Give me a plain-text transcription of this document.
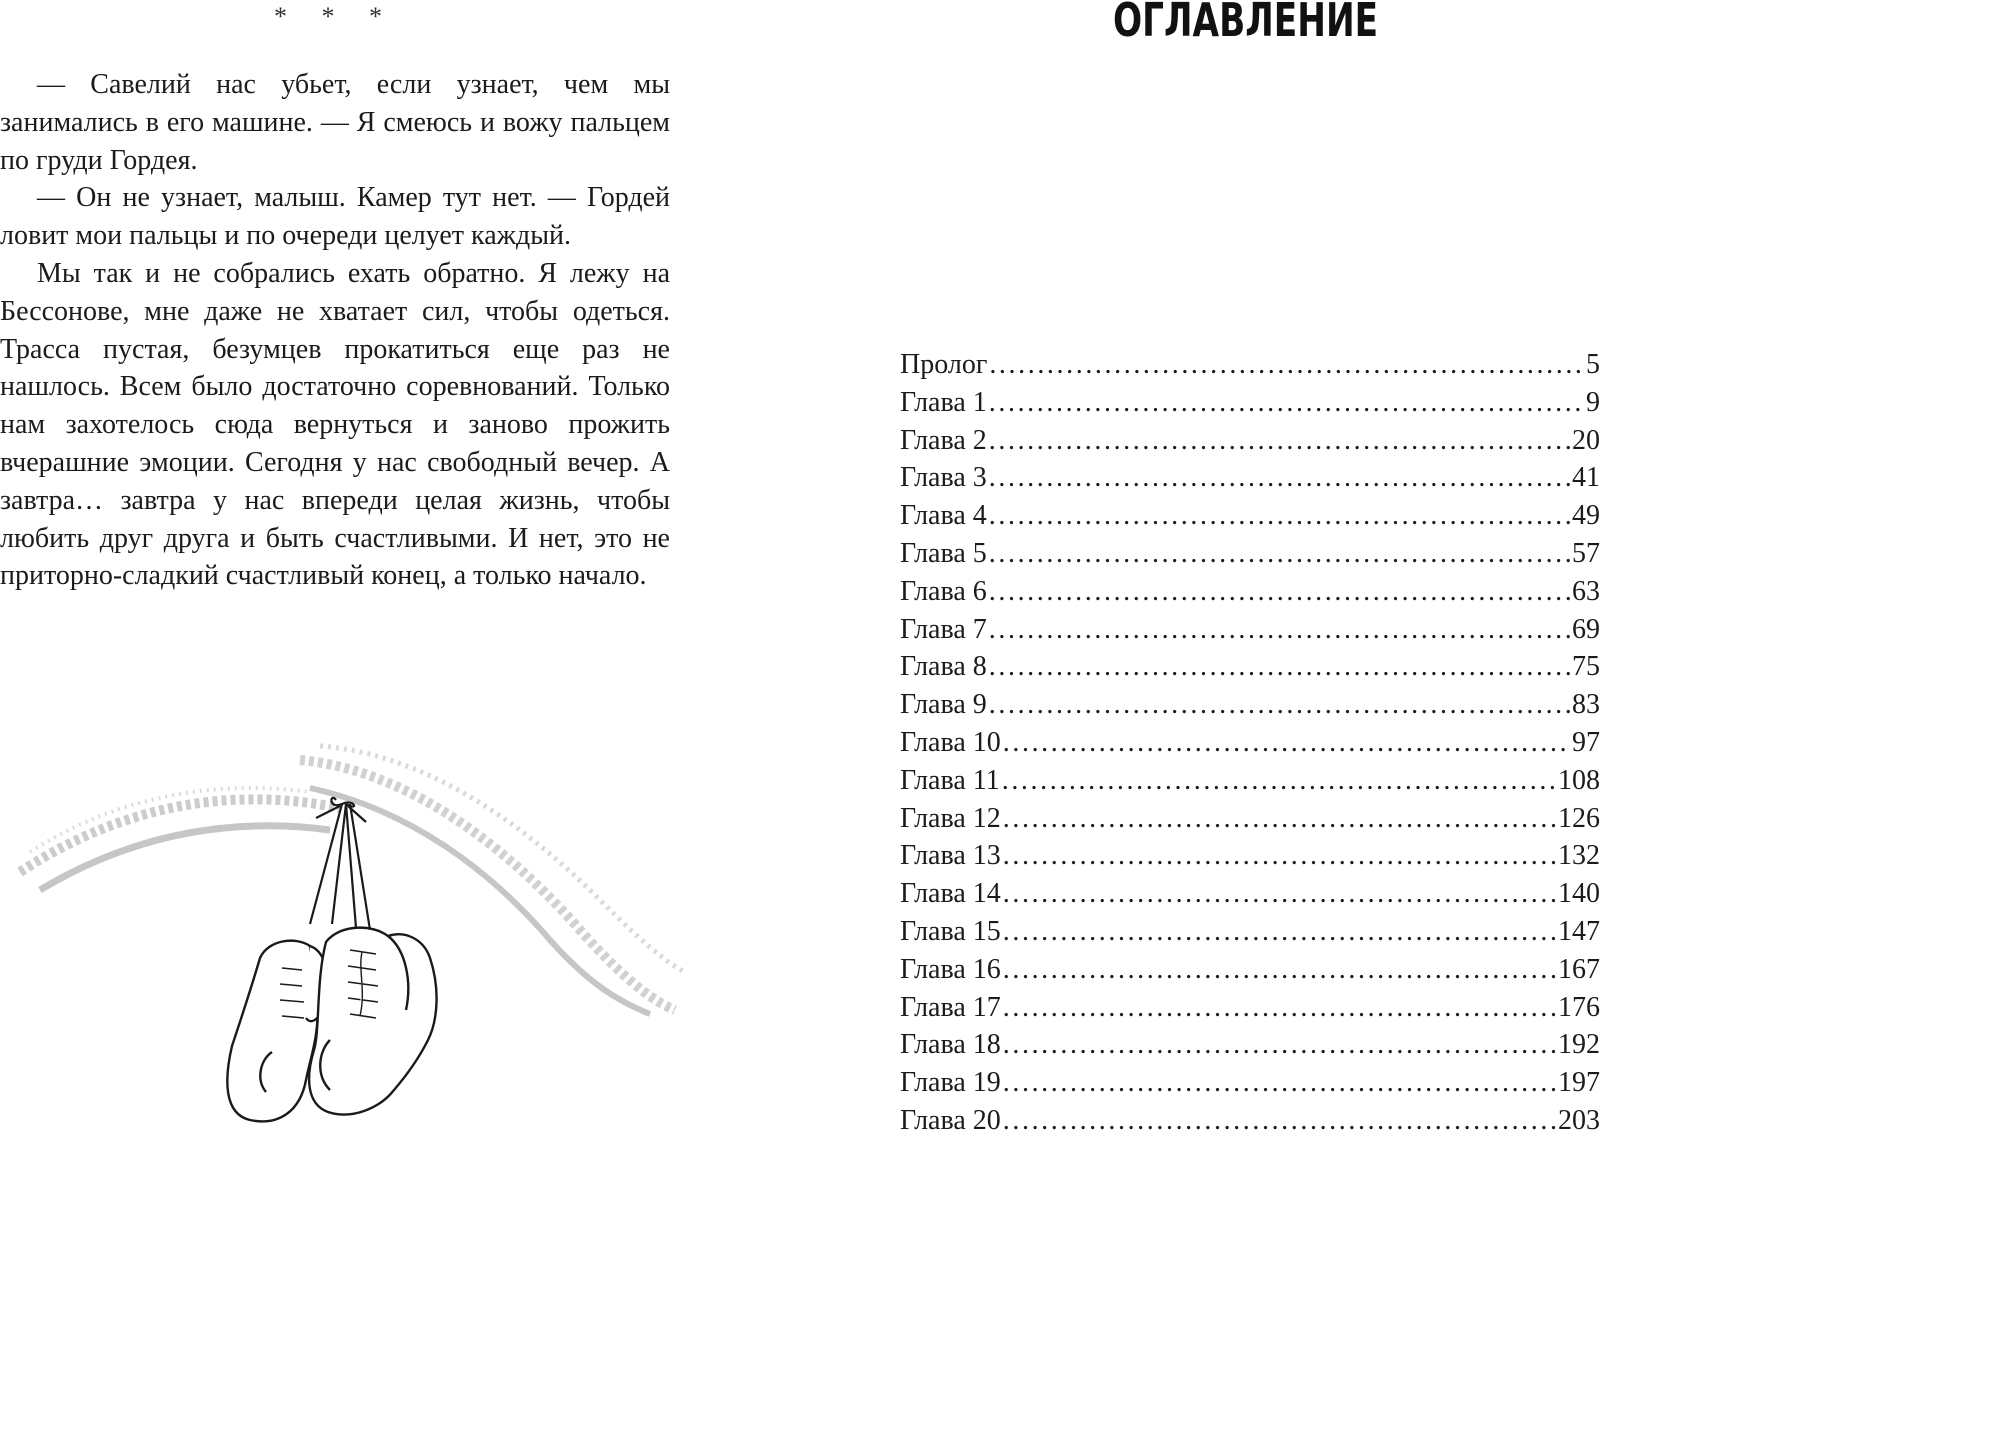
* * *

— Савелий нас убьет, если узнает, чем мы занимались в его машине. — Я смеюсь и вожу пальцем по груди Гордея.

— Он не узнает, малыш. Камер тут нет. — Гордей ловит мои пальцы и по очереди целует каждый.

Мы так и не собрались ехать обратно. Я лежу на Бессонове, мне даже не хватает сил, чтобы одеться. Трасса пустая, безумцев прокатиться еще раз не нашлось. Всем было достаточно соревнований. Только нам захотелось сюда вернуться и заново прожить вчерашние эмоции. Сегодня у нас свободный вечер. А завтра… завтра у нас впереди целая жизнь, чтобы любить друг друга и быть счастливыми. И нет, это не приторно-сладкий счастливый конец, а только начало.

ОГЛАВЛЕНИЕ
Пролог . . .	5
Глава 1 . . .	9
Глава 2 . . .	20
Глава 3 . . .	41
Глава 4 . . .	49
Глава 5 . . .	57
Глава 6 . . .	63
Глава 7 . . .	69
Глава 8 . . .	75
Глава 9 . . .	83
Глава 10 . . .	97
Глава 11 . . .	108
Глава 12 . . .	126
Глава 13 . . .	132
Глава 14 . . .	140
Глава 15 . . .	147
Глава 16 . . .	167
Глава 17 . . .	176
Глава 18 . . .	192
Глава 19 . . .	197
Глава 20 . . .	203
